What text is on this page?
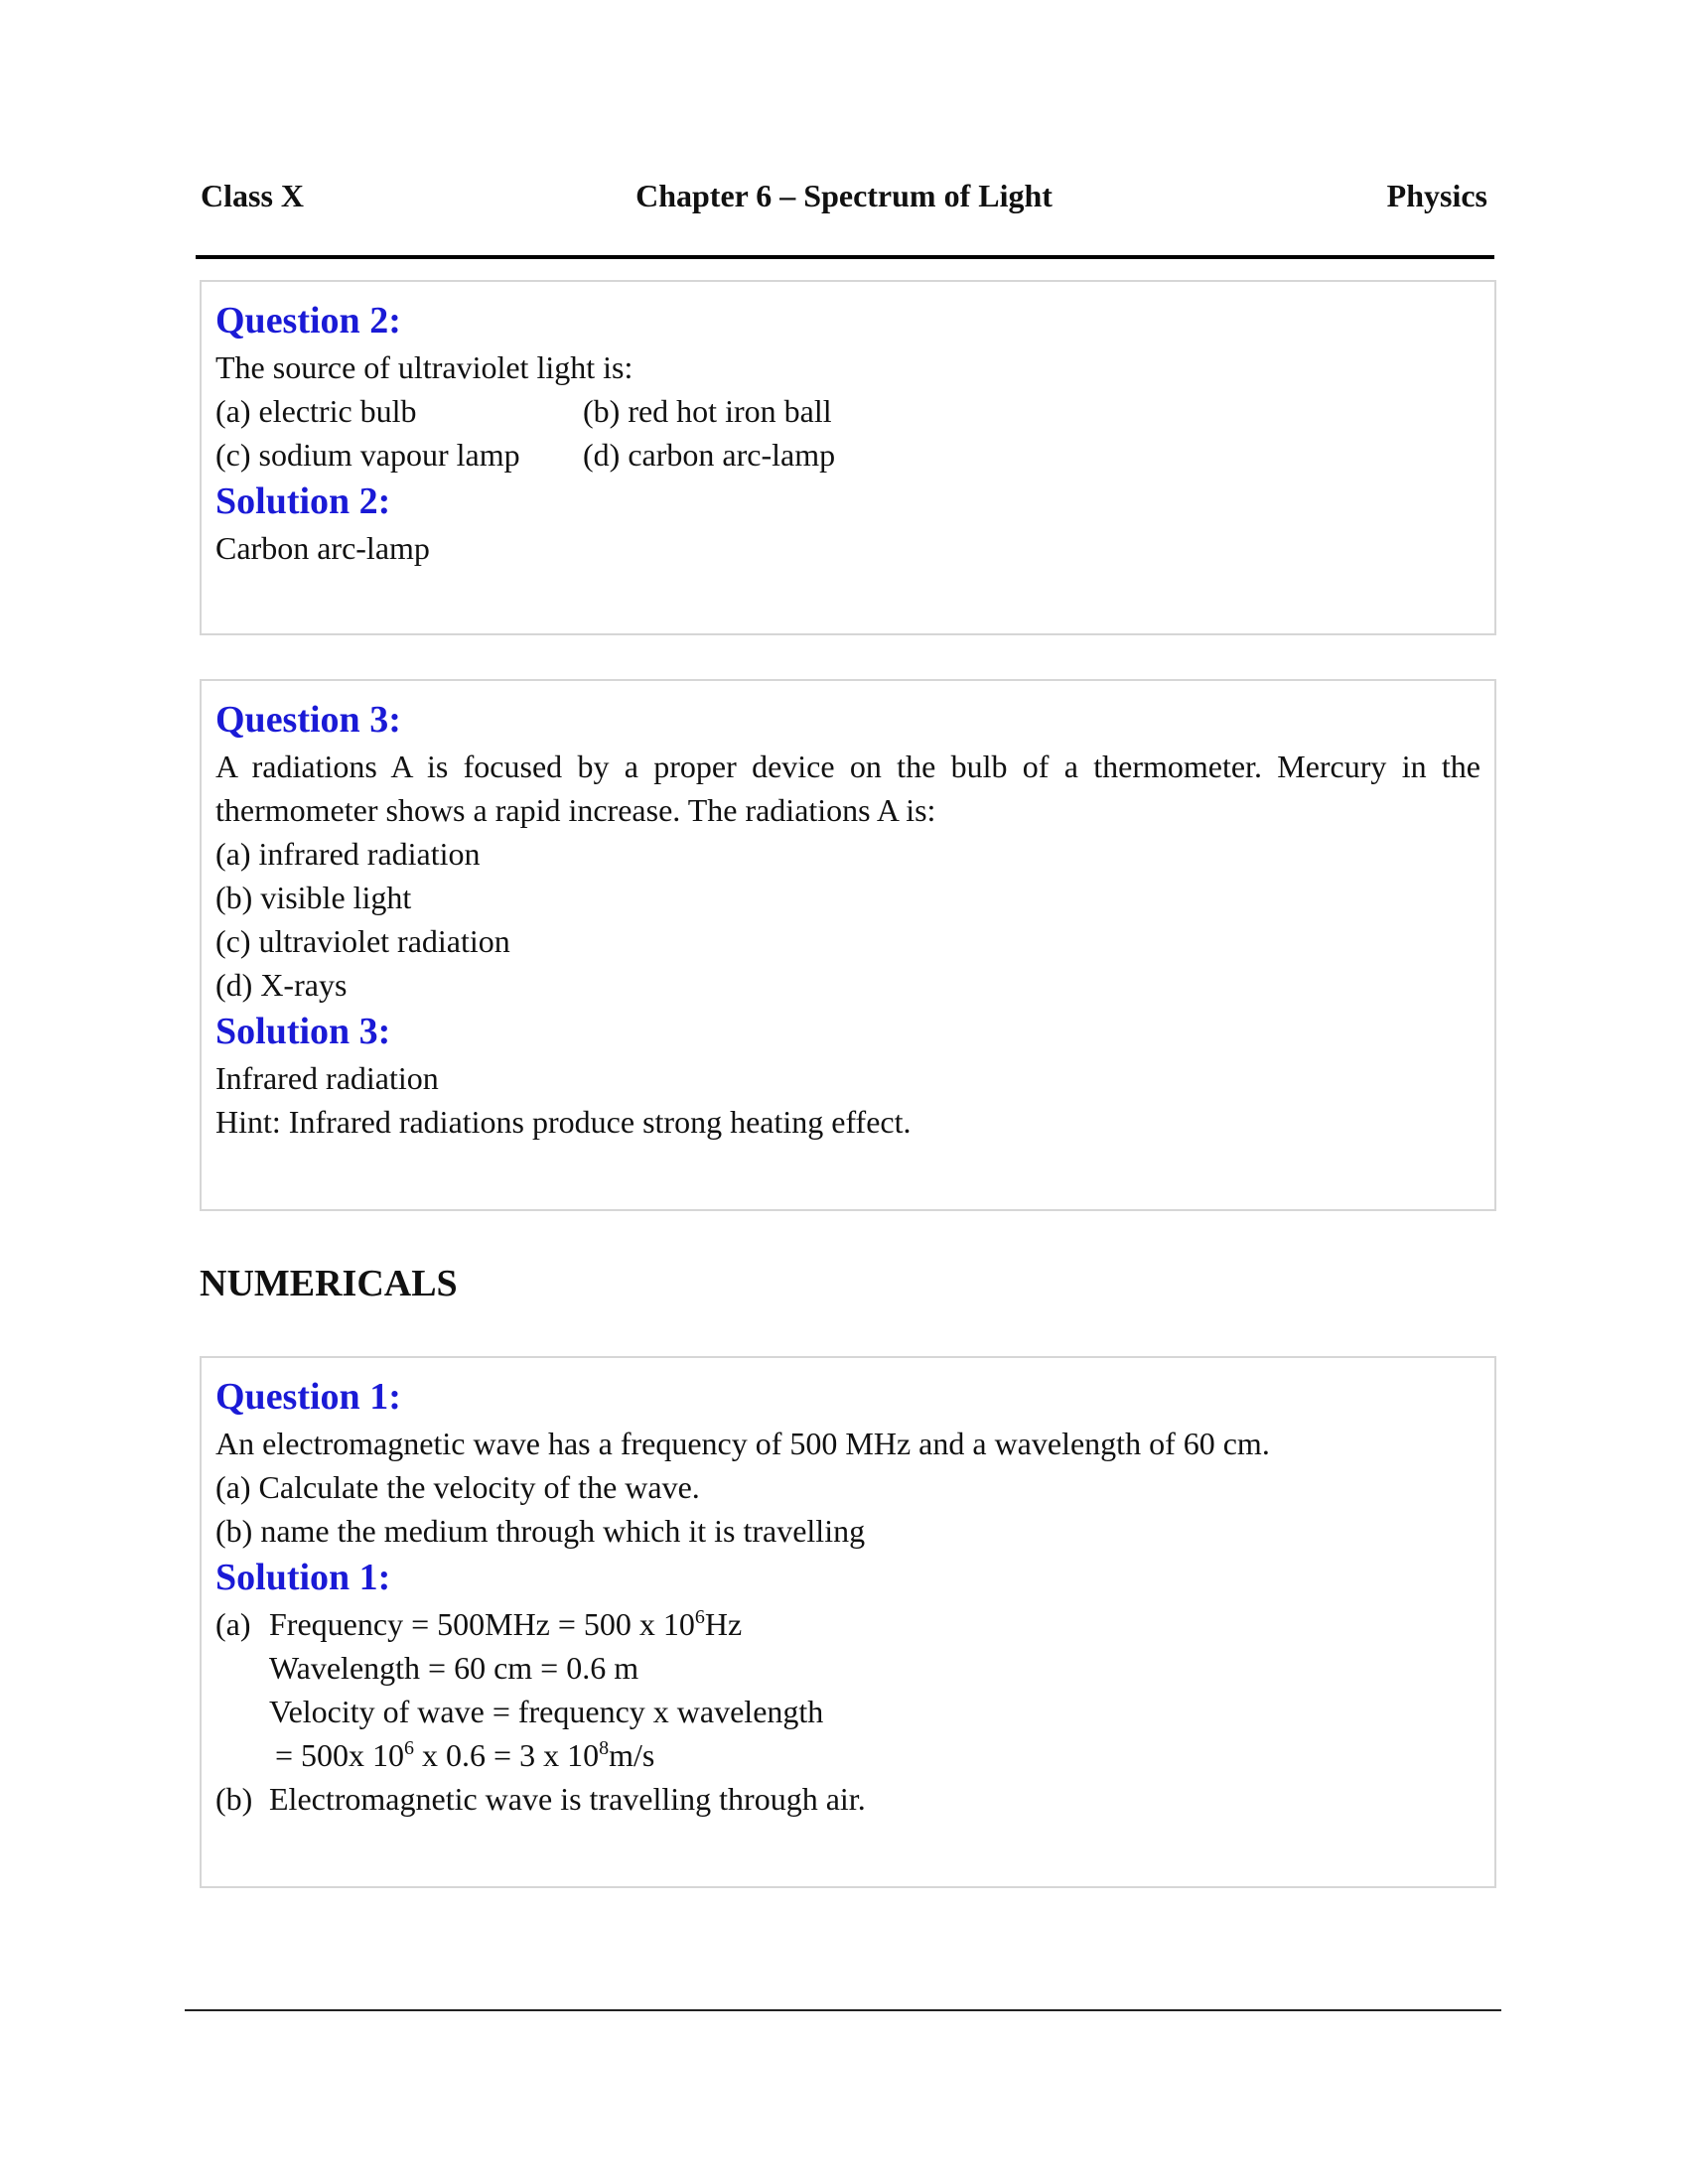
Class X	Chapter 6 – Spectrum of Light	Physics
Question 2:
The source of ultraviolet light is:
(a) electric bulb	(b) red hot iron ball
(c) sodium vapour lamp	(d) carbon arc-lamp
Solution 2:
Carbon arc-lamp
Question 3:
A radiations A is focused by a proper device on the bulb of a thermometer. Mercury in the thermometer shows a rapid increase. The radiations A is:
(a) infrared radiation
(b) visible light
(c) ultraviolet radiation
(d) X-rays
Solution 3:
Infrared radiation
Hint: Infrared radiations produce strong heating effect.
NUMERICALS
Question 1:
An electromagnetic wave has a frequency of 500 MHz and a wavelength of 60 cm.
(a) Calculate the velocity of the wave.
(b) name the medium through which it is travelling
Solution 1:
(a) Frequency = 500MHz = 500 x $10^6Hz$
Wavelength = 60 cm = 0.6 m
Velocity of wave = frequency x wavelength
= 500x $10^6$ x 0.6 = 3 x $10^8m/s$
(b) Electromagnetic wave is travelling through air.
